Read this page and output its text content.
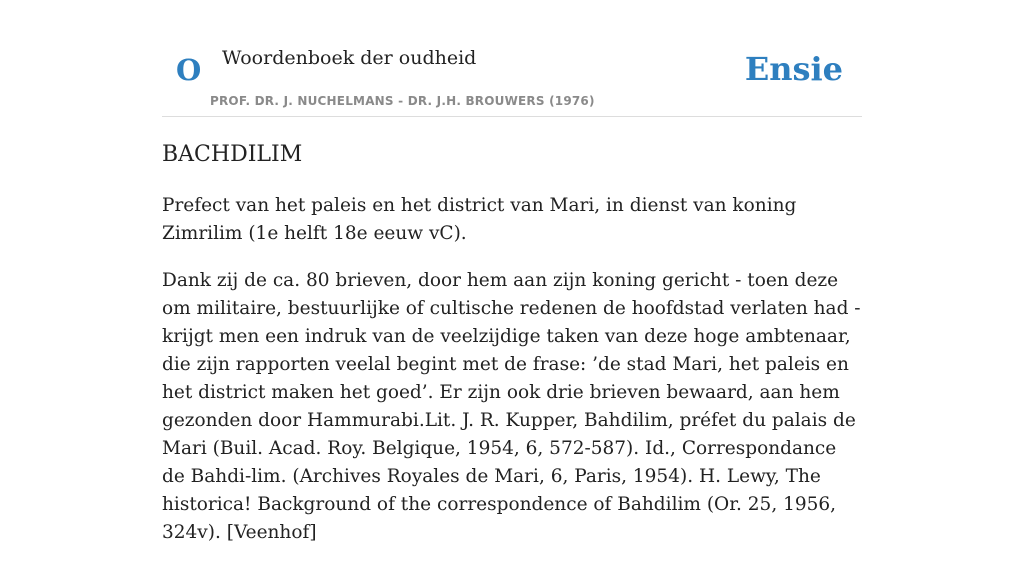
O Woordenboek der oudheid
PROF. DR. J. NUCHELMANS - DR. J.H. BROUWERS (1976)
Ensie
BACHDILIM

Prefect van het paleis en het district van Mari, in dienst van koning Zimrilim (1e helft 18e eeuw vC).

Dank zij de ca. 80 brieven, door hem aan zijn koning gericht - toen deze om militaire, bestuurlijke of cultische redenen de hoofdstad verlaten had - krijgt men een indruk van de veelzijdige taken van deze hoge ambtenaar, die zijn rapporten veelal begint met de frase: ’de stad Mari, het paleis en het district maken het goed’. Er zijn ook drie brieven bewaard, aan hem gezonden door Hammurabi.Lit. J. R. Kupper, Bahdilim, préfet du palais de Mari (Buil. Acad. Roy. Belgique, 1954, 6, 572-587). Id., Correspondance de Bahdi-lim. (Archives Royales de Mari, 6, Paris, 1954). H. Lewy, The historica! Background of the correspondence of Bahdilim (Or. 25, 1956, 324v). [Veenhof]
